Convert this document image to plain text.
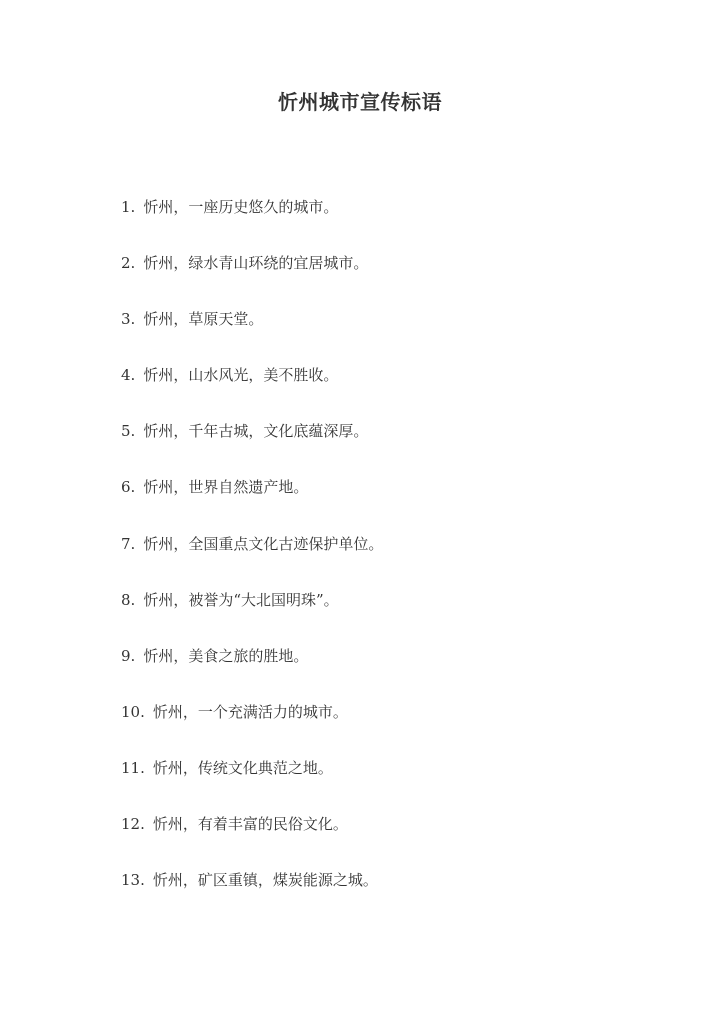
忻州城市宣传标语
1. 忻州，一座历史悠久的城市。
2. 忻州，绿水青山环绕的宜居城市。
3. 忻州，草原天堂。
4. 忻州，山水风光，美不胜收。
5. 忻州，千年古城，文化底蕴深厚。
6. 忻州，世界自然遗产地。
7. 忻州，全国重点文化古迹保护单位。
8. 忻州，被誉为“大北国明珠”。
9. 忻州，美食之旅的胜地。
10. 忻州，一个充满活力的城市。
11. 忻州，传统文化典范之地。
12. 忻州，有着丰富的民俗文化。
13. 忻州，矿区重镇，煤炭能源之城。
